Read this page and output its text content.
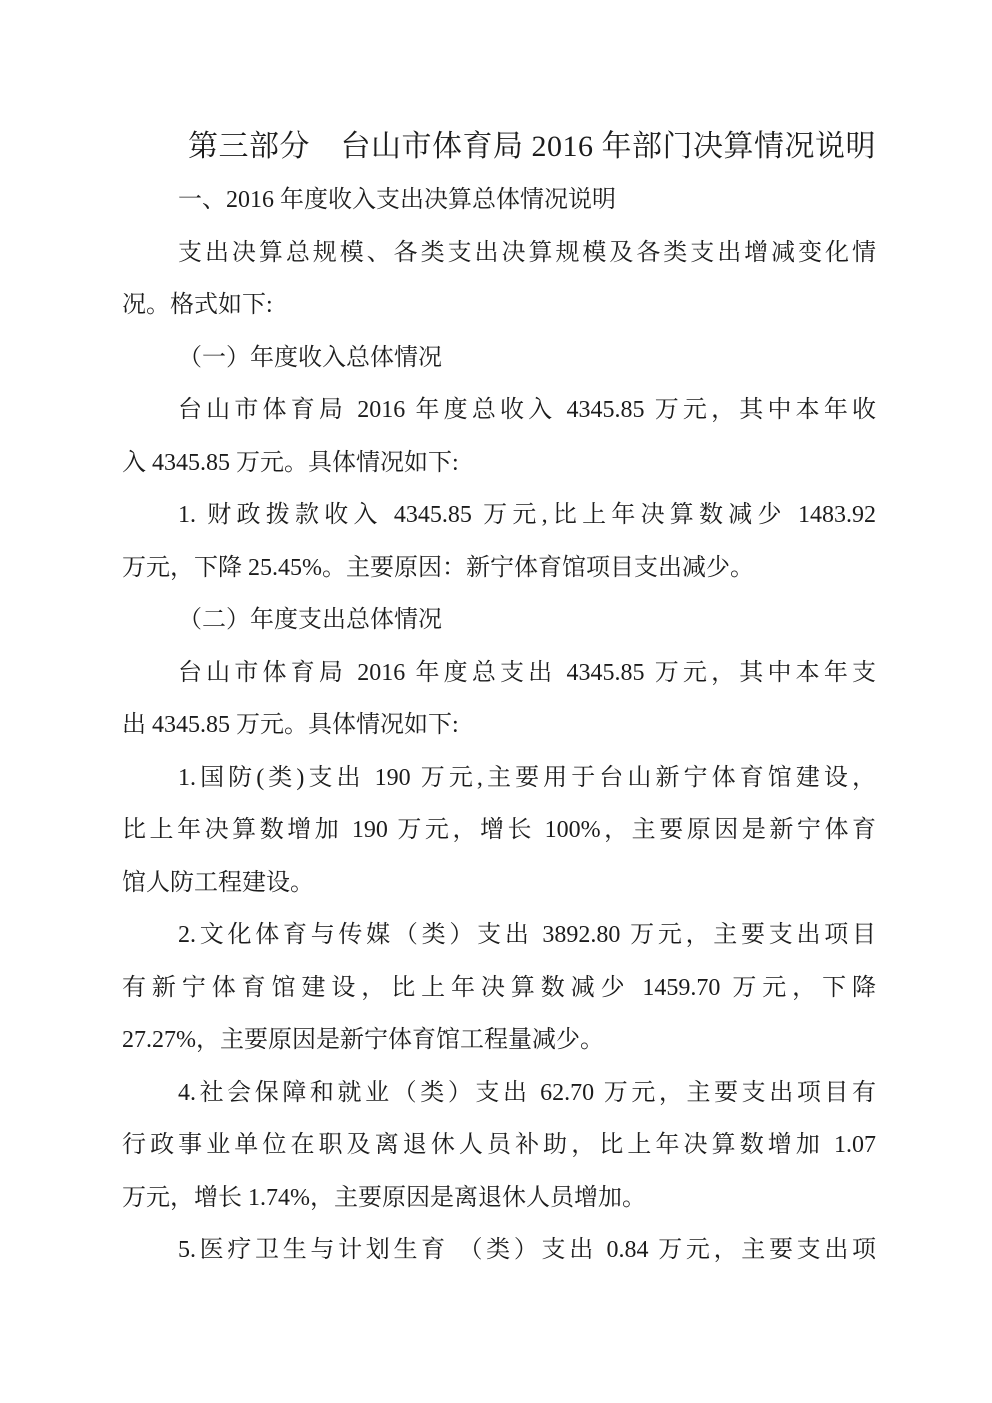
第三部分　台山市体育局 2016 年部门决算情况说明
一、2016 年度收入支出决算总体情况说明
支出决算总规模、各类支出决算规模及各类支出增减变化情
况。格式如下:
（一）年度收入总体情况
台山市体育局 2016 年度总收入 4345.85 万元，其中本年收
入 4345.85 万元。具体情况如下:
1. 财政拨款收入 4345.85 万元,比上年决算数减少 1483.92
万元，下降 25.45%。主要原因：新宁体育馆项目支出减少。
（二）年度支出总体情况
台山市体育局 2016 年度总支出 4345.85 万元，其中本年支
出 4345.85 万元。具体情况如下:
1.国防(类)支出 190 万元,主要用于台山新宁体育馆建设，
比上年决算数增加 190 万元，增长 100%，主要原因是新宁体育
馆人防工程建设。
2.文化体育与传媒（类）支出 3892.80 万元，主要支出项目
有新宁体育馆建设，比上年决算数减少 1459.70 万元，下降
27.27%，主要原因是新宁体育馆工程量减少。
4.社会保障和就业（类）支出 62.70 万元，主要支出项目有
行政事业单位在职及离退休人员补助，比上年决算数增加 1.07
万元，增长 1.74%，主要原因是离退休人员增加。
5.医疗卫生与计划生育 （类）支出 0.84 万元，主要支出项
